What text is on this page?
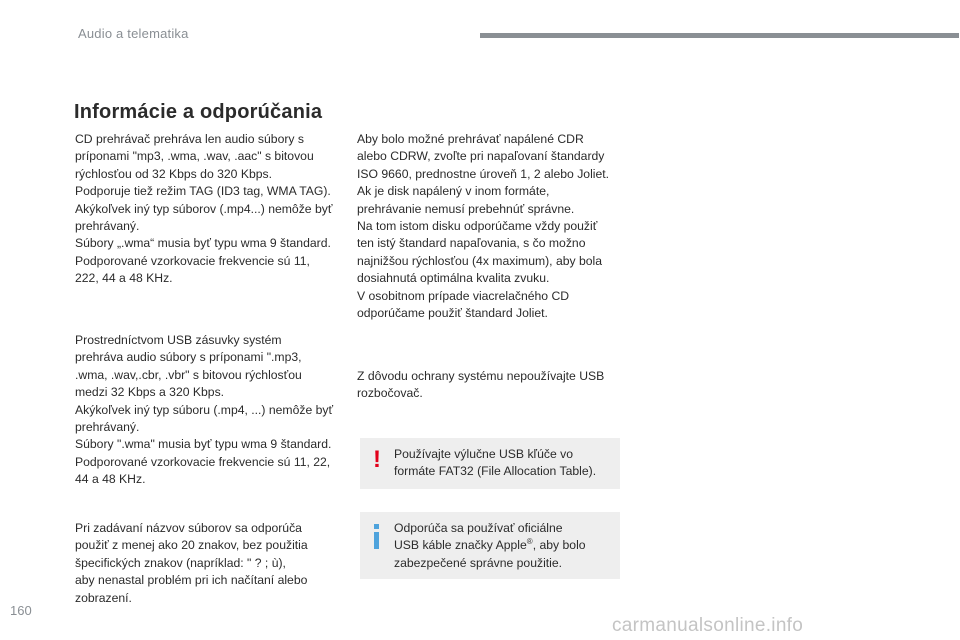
Audio a telematika
Informácie a odporúčania
CD prehrávač prehráva len audio súbory s
príponami "mp3, .wma, .wav, .aac" s bitovou
rýchlosťou od 32 Kbps do 320 Kbps.
Podporuje tiež režim TAG (ID3 tag, WMA TAG).
Akýkoľvek iný typ súborov (.mp4...) nemôže byť
prehrávaný.
Súbory „.wma“ musia byť typu wma 9 štandard.
Podporované vzorkovacie frekvencie sú 11,
222, 44 a 48 KHz.
Prostredníctvom USB zásuvky systém
prehráva audio súbory s príponami ".mp3,
.wma, .wav,.cbr, .vbr" s bitovou rýchlosťou
medzi 32 Kbps a 320 Kbps.
Akýkoľvek iný typ súboru (.mp4, ...) nemôže byť
prehrávaný.
Súbory ".wma" musia byť typu wma 9 štandard.
Podporované vzorkovacie frekvencie sú 11, 22,
44 a 48 KHz.
Pri zadávaní názvov súborov sa odporúča
použiť z menej ako 20 znakov, bez použitia
špecifických znakov (napríklad: " ? ; ù),
aby nenastal problém pri ich načítaní alebo
zobrazení.
Aby bolo možné prehrávať napálené CDR
alebo CDRW, zvoľte pri napaľovaní štandardy
ISO 9660, prednostne úroveň 1, 2 alebo Joliet.
Ak je disk napálený v inom formáte,
prehrávanie nemusí prebehnúť správne.
Na tom istom disku odporúčame vždy použiť
ten istý štandard napaľovania, s čo možno
najnižšou rýchlosťou (4x maximum), aby bola
dosiahnutá optimálna kvalita zvuku.
V osobitnom prípade viacrelačného CD
odporúčame použiť štandard Joliet.
Z dôvodu ochrany systému nepoužívajte USB
rozbočovač.
! Používajte výlučne USB kľúče vo
formáte FAT32 (File Allocation Table).
Odporúča sa používať oficiálne
USB káble značky Apple®, aby bolo
zabezpečené správne použitie.
160
carmanualsonline.info
